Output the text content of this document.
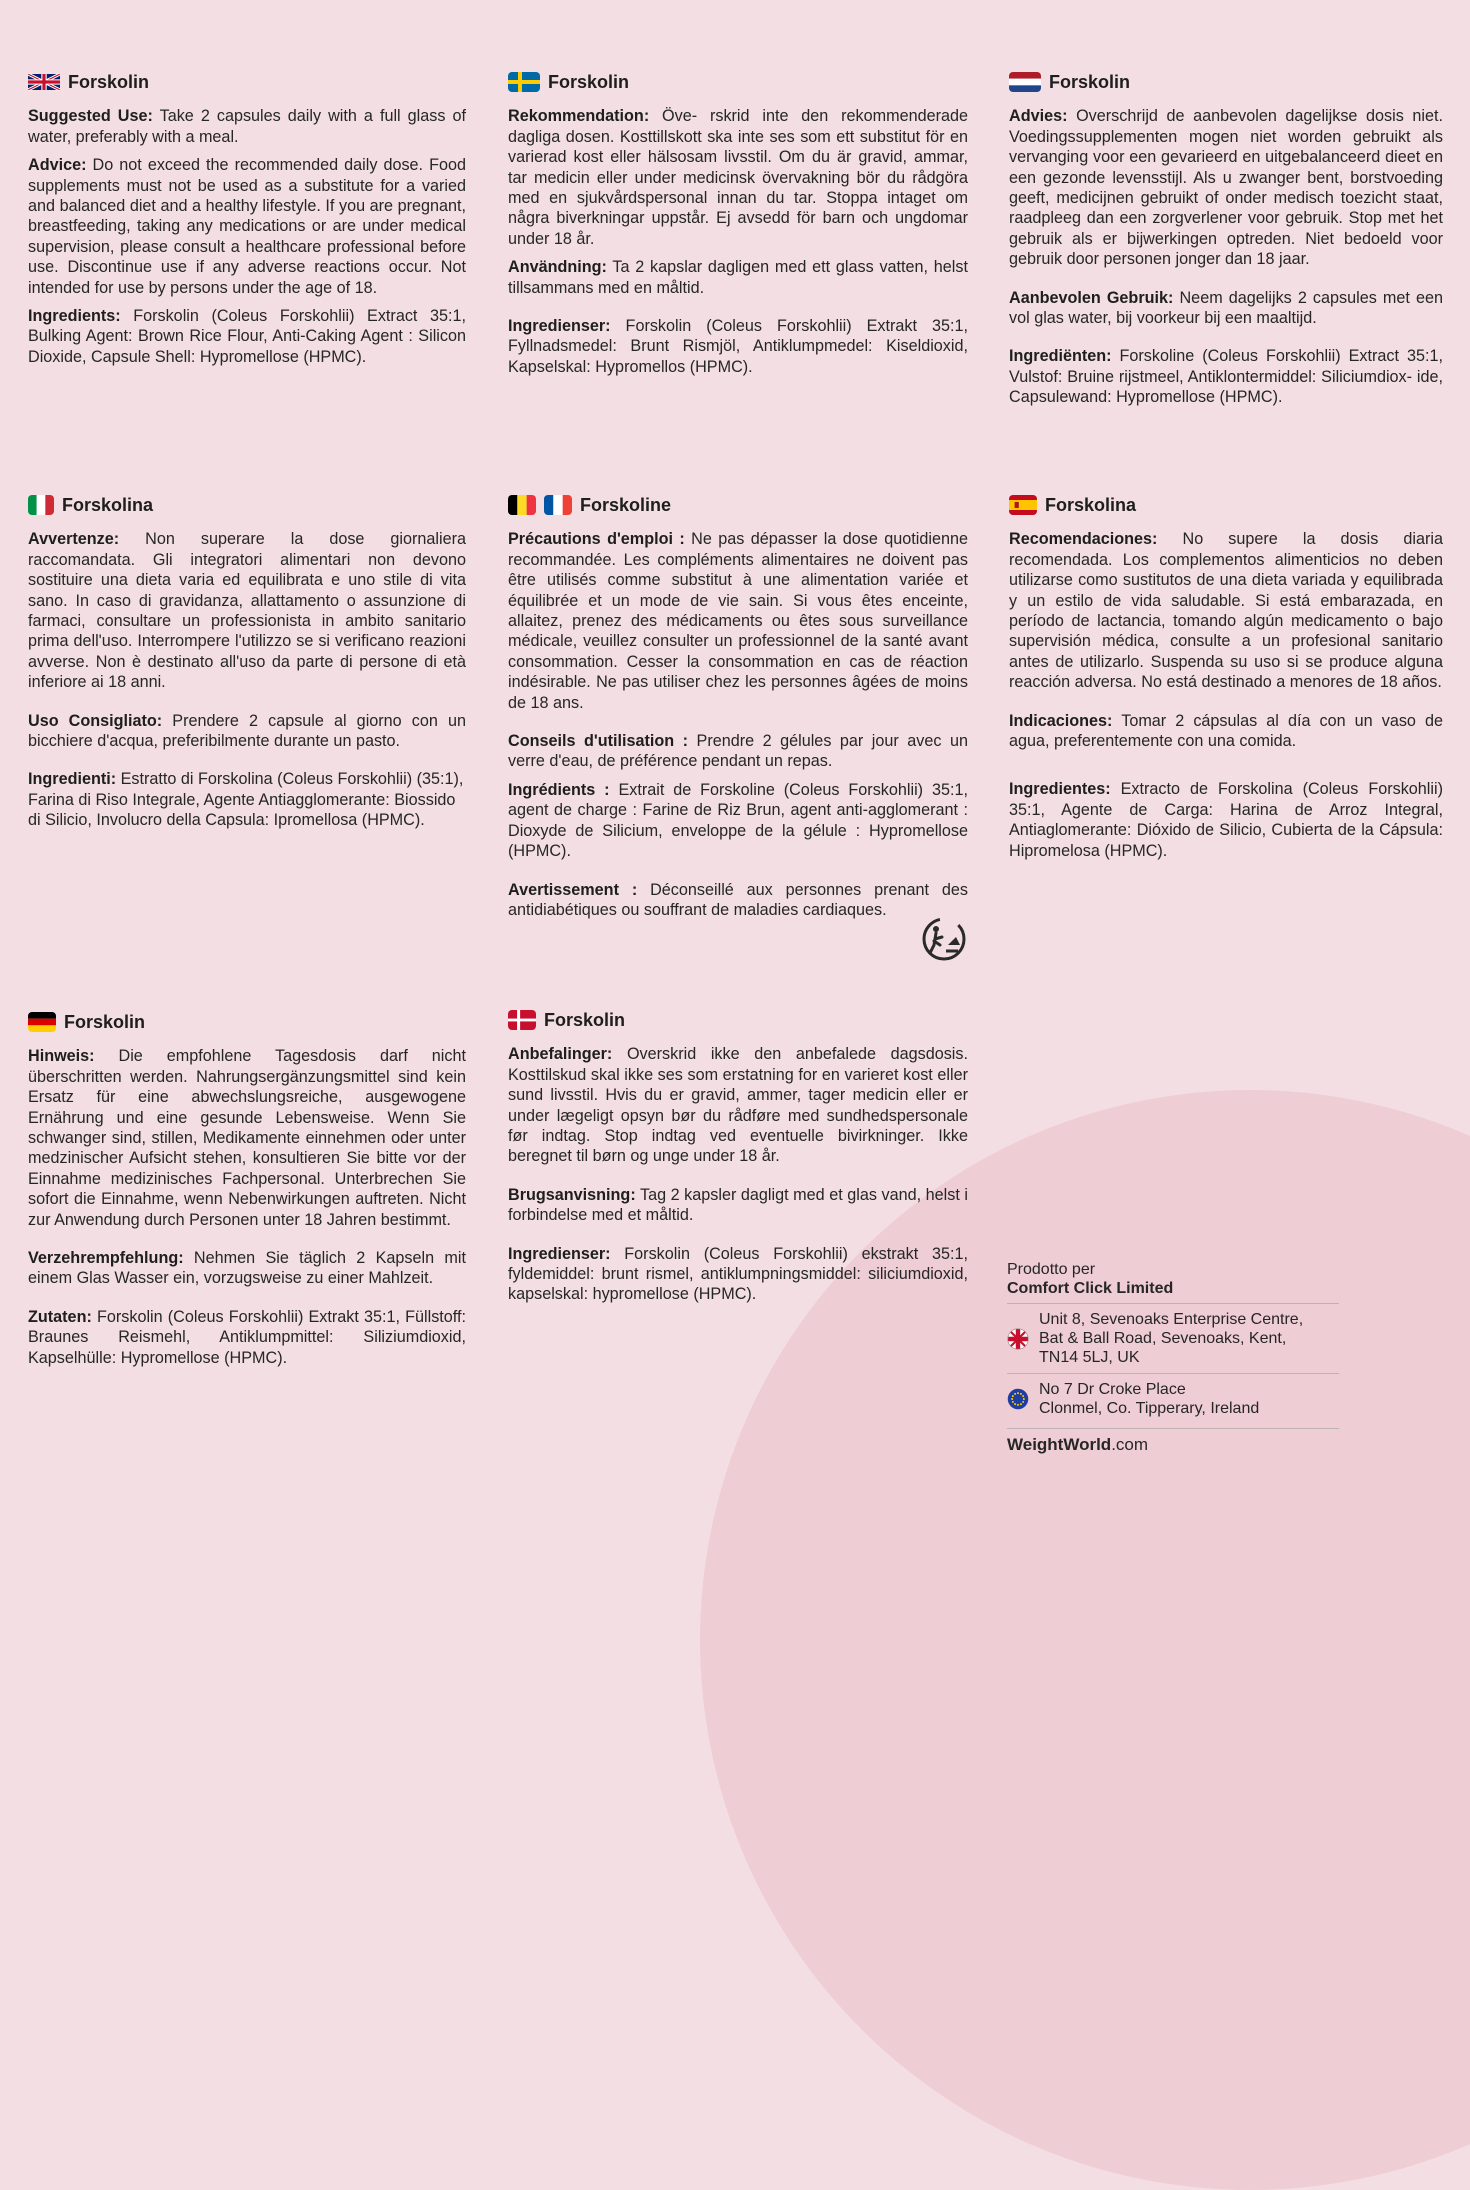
Forskolin

Suggested Use: Take 2 capsules daily with a full glass of water, preferably with a meal.

Advice: Do not exceed the recommended daily dose. Food supplements must not be used as a substitute for a varied and balanced diet and a healthy lifestyle. If you are pregnant, breastfeeding, taking any medications or are under medical supervision, please consult a healthcare professional before use. Discontinue use if any adverse reactions occur. Not intended for use by persons under the age of 18.

Ingredients: Forskolin (Coleus Forskohlii) Extract 35:1, Bulking Agent: Brown Rice Flour, Anti-Caking Agent : Silicon Dioxide, Capsule Shell: Hypromellose (HPMC).

Forskolin

Rekommendation: Öve- rskrid inte den rekommenderade dagliga dosen. Kosttillskott ska inte ses som ett substitut för en varierad kost eller hälsosam livsstil. Om du är gravid, ammar, tar medicin eller under medicinsk övervakning bör du rådgöra med en sjukvårdspersonal innan du tar. Stoppa intaget om några biverkningar uppstår. Ej avsedd för barn och ungdomar under 18 år.

Användning: Ta 2 kapslar dagligen med ett glass vatten, helst tillsammans med en måltid.

Ingredienser: Forskolin (Coleus Forskohlii) Extrakt 35:1, Fyllnadsmedel: Brunt Rismjöl, Antiklumpmedel: Kiseldioxid, Kapselskal: Hypromellos (HPMC).

Forskolin

Advies: Overschrijd de aanbevolen dagelijkse dosis niet. Voedingssupplementen mogen niet worden gebruikt als vervanging voor een gevarieerd en uitgebalanceerd dieet en een gezonde levensstijl. Als u zwanger bent, borstvoeding geeft, medicijnen gebruikt of onder medisch toezicht staat, raadpleeg dan een zorgverlener voor gebruik. Stop met het gebruik als er bijwerkingen optreden. Niet bedoeld voor gebruik door personen jonger dan 18 jaar.

Aanbevolen Gebruik: Neem dagelijks 2 capsules met een vol glas water, bij voorkeur bij een maaltijd.

Ingrediënten: Forskoline (Coleus Forskohlii) Extract 35:1, Vulstof: Bruine rijstmeel, Antiklontermiddel: Siliciumdiox- ide, Capsulewand: Hypromellose (HPMC).

Forskolina

Avvertenze: Non superare la dose giornaliera raccomandata. Gli integratori alimentari non devono sostituire una dieta varia ed equilibrata e uno stile di vita sano. In caso di gravidanza, allattamento o assunzione di farmaci, consultare un professionista in ambito sanitario prima dell'uso. Interrompere l'utilizzo se si verificano reazioni avverse. Non è destinato all'uso da parte di persone di età inferiore ai 18 anni.

Uso Consigliato: Prendere 2 capsule al giorno con un bicchiere d'acqua, preferibilmente durante un pasto.

Ingredienti: Estratto di Forskolina (Coleus Forskohlii) (35:1), Farina di Riso Integrale, Agente Antiagglomerante: Biossido di Silicio, Involucro della Capsula: Ipromellosa (HPMC).

Forskoline

Précautions d'emploi : Ne pas dépasser la dose quotidienne recommandée. Les compléments alimentaires ne doivent pas être utilisés comme substitut à une alimentation variée et équilibrée et un mode de vie sain. Si vous êtes enceinte, allaitez, prenez des médicaments ou êtes sous surveillance médicale, veuillez consulter un professionnel de la santé avant consommation. Cesser la consommation en cas de réaction indésirable. Ne pas utiliser chez les personnes âgées de moins de 18 ans.

Conseils d'utilisation : Prendre 2 gélules par jour avec un verre d'eau, de préférence pendant un repas.

Ingrédients : Extrait de Forskoline (Coleus Forskohlii) 35:1, agent de charge : Farine de Riz Brun, agent anti-agglomerant : Dioxyde de Silicium, enveloppe de la gélule : Hypromellose (HPMC).

Avertissement : Déconseillé aux personnes prenant des antidiabétiques ou souffrant de maladies cardiaques.

Forskolina

Recomendaciones: No supere la dosis diaria recomendada. Los complementos alimenticios no deben utilizarse como sustitutos de una dieta variada y equilibrada y un estilo de vida saludable. Si está embarazada, en período de lactancia, tomando algún medicamento o bajo supervisión médica, consulte a un profesional sanitario antes de utilizarlo. Suspenda su uso si se produce alguna reacción adversa. No está destinado a menores de 18 años.

Indicaciones: Tomar 2 cápsulas al día con un vaso de agua, preferentemente con una comida.

Ingredientes: Extracto de Forskolina (Coleus Forskohlii) 35:1, Agente de Carga: Harina de Arroz Integral, Antiaglomerante: Dióxido de Silicio, Cubierta de la Cápsula: Hipromelosa (HPMC).

Forskolin

Hinweis: Die empfohlene Tagesdosis darf nicht überschritten werden. Nahrungsergänzungsmittel sind kein Ersatz für eine abwechslungsreiche, ausgewogene Ernährung und eine gesunde Lebensweise. Wenn Sie schwanger sind, stillen, Medikamente einnehmen oder unter medzinischer Aufsicht stehen, konsultieren Sie bitte vor der Einnahme medizinisches Fachpersonal. Unterbrechen Sie sofort die Einnahme, wenn Nebenwirkungen auftreten. Nicht zur Anwendung durch Personen unter 18 Jahren bestimmt.

Verzehrempfehlung: Nehmen Sie täglich 2 Kapseln mit einem Glas Wasser ein, vorzugsweise zu einer Mahlzeit.

Zutaten: Forskolin (Coleus Forskohlii) Extrakt 35:1, Füllstoff: Braunes Reismehl, Antiklumpmittel: Siliziumdioxid, Kapselhülle: Hypromellose (HPMC).

Forskolin

Anbefalinger: Overskrid ikke den anbefalede dagsdosis. Kosttilskud skal ikke ses som erstatning for en varieret kost eller sund livsstil. Hvis du er gravid, ammer, tager medicin eller er under lægeligt opsyn bør du rådføre med sundhedspersonale før indtag. Stop indtag ved eventuelle bivirkninger. Ikke beregnet til børn og unge under 18 år.

Brugsanvisning: Tag 2 kapsler dagligt med et glas vand, helst i forbindelse med et måltid.

Ingredienser: Forskolin (Coleus Forskohlii) ekstrakt 35:1, fyldemiddel: brunt rismel, antiklumpningsmiddel: siliciumdioxid, kapselskal: hypromellose (HPMC).

Prodotto per
Comfort Click Limited
Unit 8, Sevenoaks Enterprise Centre,
Bat & Ball Road, Sevenoaks, Kent,
TN14 5LJ, UK
No 7 Dr Croke Place
Clonmel, Co. Tipperary, Ireland
WeightWorld.com
